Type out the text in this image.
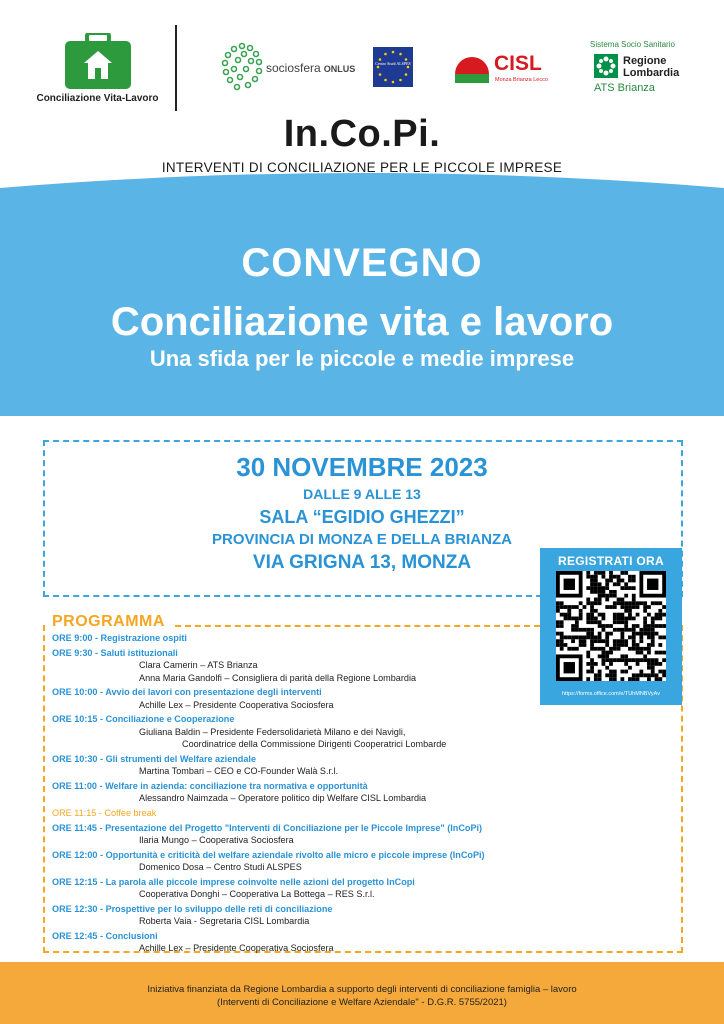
Conciliazione Vita-Lavoro
sociosfera ONLUS
Centro Studi ALSPES	CISL
Monza Brianza Lecco
Sistema Socio Sanitario
Regione
Lombardia
ATS Brianza
In.Co.Pi.
INTERVENTI DI CONCILIAZIONE PER LE PICCOLE IMPRESE
CONVEGNO
Conciliazione vita e lavoro
Una sfida per le piccole e medie imprese
30 NOVEMBRE 2023
DALLE 9 ALLE 13
SALA “EGIDIO GHEZZI”
PROVINCIA DI MONZA E DELLA BRIANZA
VIA GRIGNA 13, MONZA
PROGRAMMA
ORE 9:00 - Registrazione ospiti
ORE 9:30 - Saluti istituzionali
Clara Camerin – ATS Brianza
Anna Maria Gandolfi – Consigliera di parità della Regione Lombardia
ORE 10:00 - Avvio dei lavori con presentazione degli interventi
Achille Lex – Presidente Cooperativa Sociosfera
ORE 10:15 - Conciliazione e Cooperazione
Giuliana Baldin – Presidente Federsolidarietà Milano e dei Navigli,
Coordinatrice della Commissione Dirigenti Cooperatrici Lombarde
ORE 10:30 - Gli strumenti del Welfare aziendale
Martina Tombari – CEO e CO-Founder Walà S.r.l.
ORE 11:00 - Welfare in azienda: conciliazione tra normativa e opportunità
Alessandro Naimzada – Operatore politico dip Welfare CISL Lombardia
ORE 11:15 - Coffee break
ORE 11:45 - Presentazione del Progetto "Interventi di Conciliazione per le Piccole Imprese" (InCoPi)
Ilaria Mungo – Cooperativa Sociosfera
ORE 12:00 - Opportunità e criticità del welfare aziendale rivolto alle micro e piccole imprese (InCoPi)
Domenico Dosa – Centro Studi ALSPES
ORE 12:15 - La parola alle piccole imprese coinvolte nelle azioni del progetto InCopi
Cooperativa Donghi – Cooperativa La Bottega – RES S.r.l.
ORE 12:30 - Prospettive per lo sviluppo delle reti di conciliazione
Roberta Vaia - Segretaria CISL Lombardia
ORE 12:45 - Conclusioni
Achille Lex – Presidente Cooperativa Sociosfera
REGISTRATI ORA
https://forms.office.com/e/TUhMNBVyAv
Iniziativa finanziata da Regione Lombardia a supporto degli interventi di conciliazione famiglia – lavoro
(Interventi di Conciliazione e Welfare Aziendale" - D.G.R. 5755/2021)
